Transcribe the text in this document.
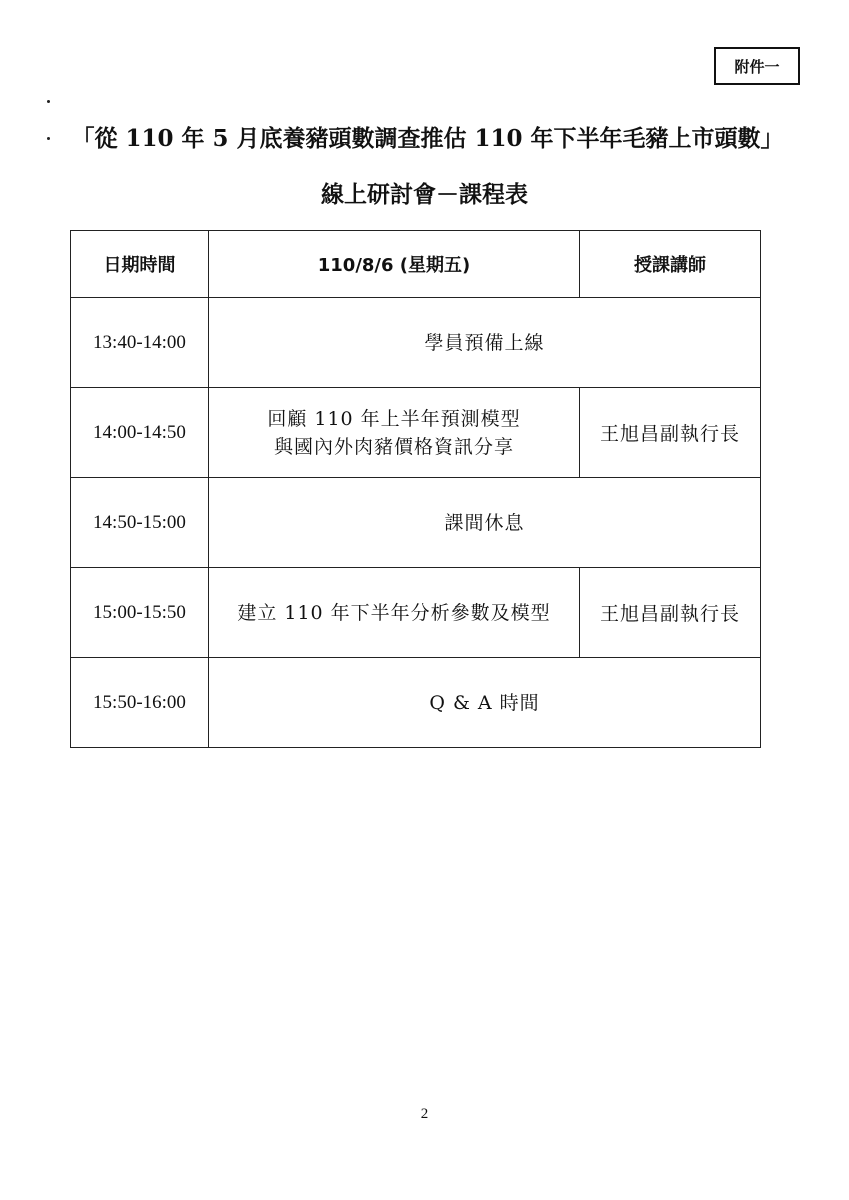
附件一
「從 110 年 5 月底養豬頭數調查推估 110 年下半年毛豬上市頭數」
線上研討會－課程表
日期時間	110/8/6 (星期五)	授課講師
13:40-14:00	學員預備上線	

14:00-14:50	回顧 110 年上半年預測模型
與國內外肉豬價格資訊分享	王旭昌副執行長
14:50-15:00	課間休息	

15:00-15:50	建立 110 年下半年分析參數及模型	王旭昌副執行長
15:50-16:00	Q & A 時間	
2
